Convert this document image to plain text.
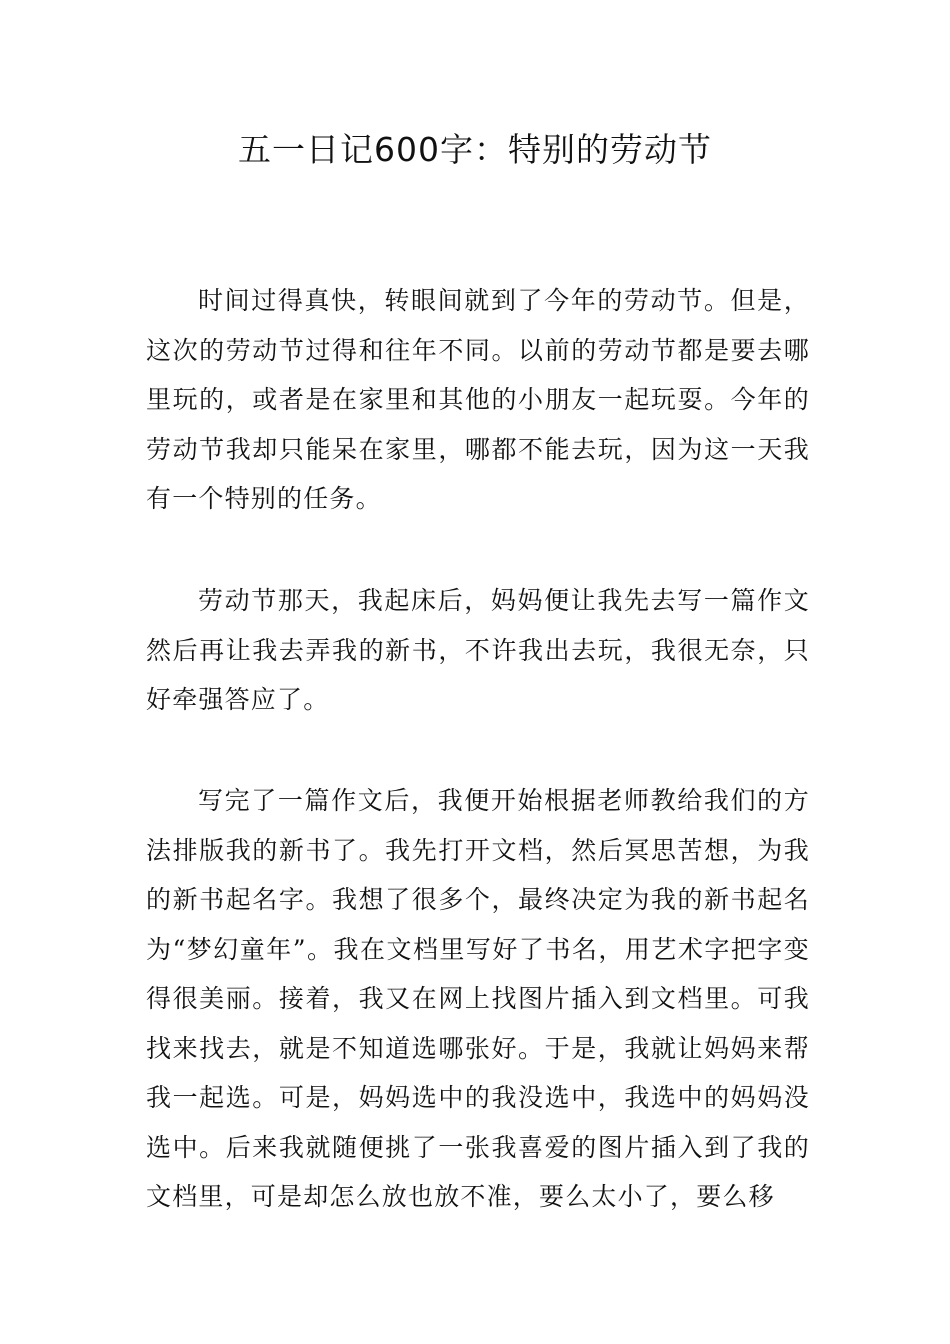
五一日记600字：特别的劳动节

时间过得真快，转眼间就到了今年的劳动节。但是，这次的劳动节过得和往年不同。以前的劳动节都是要去哪里玩的，或者是在家里和其他的小朋友一起玩耍。今年的劳动节我却只能呆在家里，哪都不能去玩，因为这一天我有一个特别的任务。

劳动节那天，我起床后，妈妈便让我先去写一篇作文然后再让我去弄我的新书，不许我出去玩，我很无奈，只好牵强答应了。

写完了一篇作文后，我便开始根据老师教给我们的方法排版我的新书了。我先打开文档，然后冥思苦想，为我的新书起名字。我想了很多个，最终决定为我的新书起名为“梦幻童年”。我在文档里写好了书名，用艺术字把字变得很美丽。接着，我又在网上找图片插入到文档里。可我找来找去，就是不知道选哪张好。于是，我就让妈妈来帮我一起选。可是，妈妈选中的我没选中，我选中的妈妈没选中。后来我就随便挑了一张我喜爱的图片插入到了我的文档里，可是却怎么放也放不准，要么太小了，要么移
